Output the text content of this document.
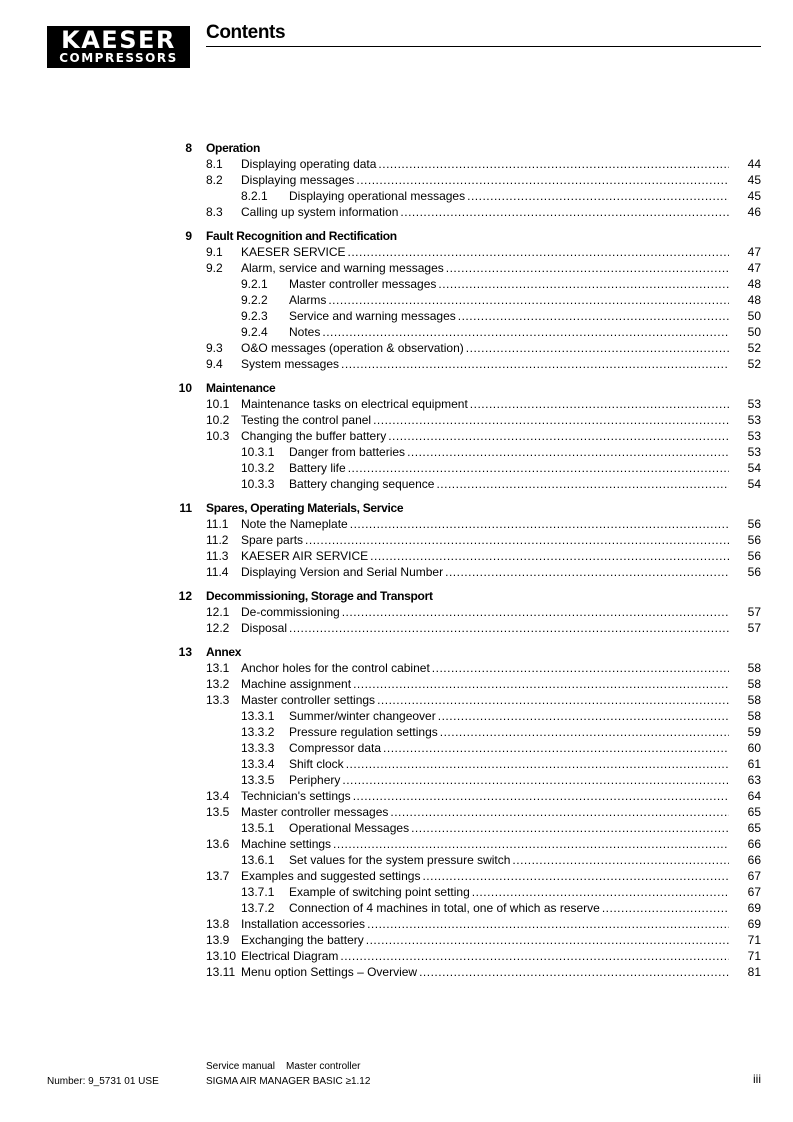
KAESER
COMPRESSORS
Contents
8 Operation
8.1 Displaying operating data .....	44
8.2 Displaying messages .....	45
8.2.1 Displaying operational messages .....	45
8.3 Calling up system information .....	46
9 Fault Recognition and Rectification
9.1 KAESER SERVICE .....	47
9.2 Alarm, service and warning messages .....	47
9.2.1 Master controller messages .....	48
9.2.2 Alarms .....	48
9.2.3 Service and warning messages .....	50
9.2.4 Notes .....	50
9.3 O&O messages (operation & observation) .....	52
9.4 System messages .....	52
10 Maintenance
10.1 Maintenance tasks on electrical equipment .....	53
10.2 Testing the control panel .....	53
10.3 Changing the buffer battery .....	53
10.3.1 Danger from batteries .....	53
10.3.2 Battery life .....	54
10.3.3 Battery changing sequence .....	54
11 Spares, Operating Materials, Service
11.1 Note the Nameplate .....	56
11.2 Spare parts .....	56
11.3 KAESER AIR SERVICE .....	56
11.4 Displaying Version and Serial Number .....	56
12 Decommissioning, Storage and Transport
12.1 De-commissioning .....	57
12.2 Disposal .....	57
13 Annex
13.1 Anchor holes for the control cabinet .....	58
13.2 Machine assignment .....	58
13.3 Master controller settings .....	58
13.3.1 Summer/winter changeover .....	58
13.3.2 Pressure regulation settings .....	59
13.3.3 Compressor data .....	60
13.3.4 Shift clock .....	61
13.3.5 Periphery .....	63
13.4 Technician's settings .....	64
13.5 Master controller messages .....	65
13.5.1 Operational Messages .....	65
13.6 Machine settings .....	66
13.6.1 Set values for the system pressure switch .....	66
13.7 Examples and suggested settings .....	67
13.7.1 Example of switching point setting .....	67
13.7.2 Connection of 4 machines in total, one of which as reserve .....	69
13.8 Installation accessories .....	69
13.9 Exchanging the battery .....	71
13.10 Electrical Diagram .....	71
13.11 Menu option Settings – Overview .....	81
Number: 9_5731 01 USE
Service manual    Master controller
SIGMA AIR MANAGER BASIC ≥1.12	iii
